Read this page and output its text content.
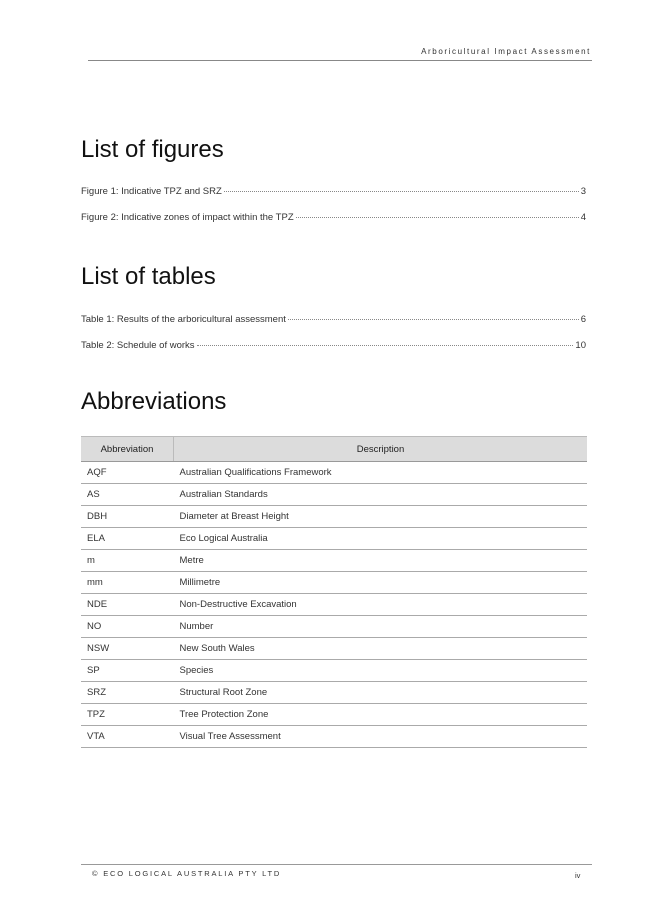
Arboricultural Impact Assessment
List of figures
Figure 1: Indicative TPZ and SRZ	3
Figure 2: Indicative zones of impact within the TPZ	4
List of tables
Table 1: Results of the arboricultural assessment	6
Table 2: Schedule of works	10
Abbreviations
Abbreviation	Description
AQF	Australian Qualifications Framework
AS	Australian Standards
DBH	Diameter at Breast Height
ELA	Eco Logical Australia
m	Metre
mm	Millimetre
NDE	Non-Destructive Excavation
NO	Number
NSW	New South Wales
SP	Species
SRZ	Structural Root Zone
TPZ	Tree Protection Zone
VTA	Visual Tree Assessment
© ECO LOGICAL AUSTRALIA PTY LTD	iv
